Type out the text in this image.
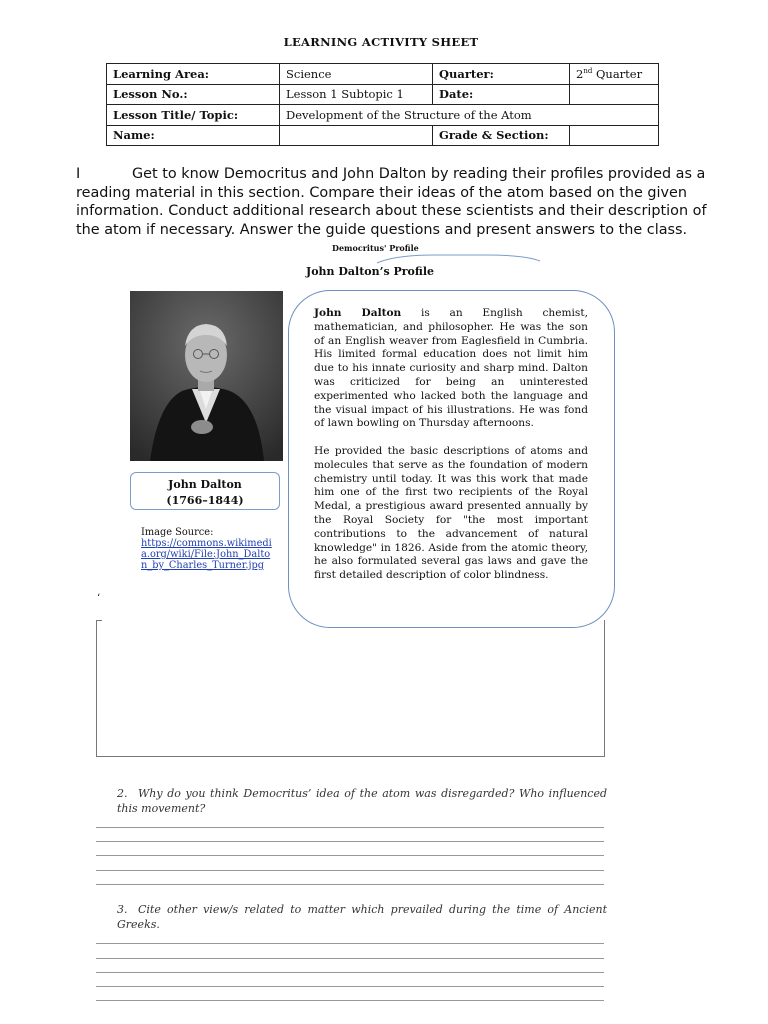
LEARNING ACTIVITY SHEET
Learning Area:	Science	Quarter:	2nd Quarter
Lesson No.:	Lesson 1 Subtopic 1	Date:	
Lesson Title/ Topic:	Development of the Structure of the Atom		
Name:		Grade & Section:	
I	Get to know Democritus and John Dalton by reading their profiles provided as a reading material in this section. Compare their ideas of the atom based on the given information. Conduct additional research about these scientists and their description of the atom if necessary. Answer the guide questions and present answers to the class.
Democritus' Profile
John Dalton’s Profile
John Dalton
(1766–1844)
Image Source:
https://commons.wikimedia.org/wiki/File:John_Dalton_by_Charles_Turner.jpg

John Dalton is an English chemist, mathematician, and philosopher. He was the son of an English weaver from Eaglesfield in Cumbria. His limited formal education does not limit him due to his innate curiosity and sharp mind. Dalton was criticized for being an uninterested experimented who lacked both the language and the visual impact of his illustrations. He was fond of lawn bowling on Thursday afternoons.

He provided the basic descriptions of atoms and molecules that serve as the foundation of modern chemistry until today. It was this work that made him one of the first two recipients of the Royal Medal, a prestigious award presented annually by the Royal Society for "the most important contributions to the advancement of natural knowledge" in 1826. Aside from the atomic theory, he also formulated several gas laws and gave the first detailed description of color blindness.

‘
2. Why do you think Democritus’ idea of the atom was disregarded? Who influenced this movement?
3. Cite other view/s related to matter which prevailed during the time of Ancient Greeks.
